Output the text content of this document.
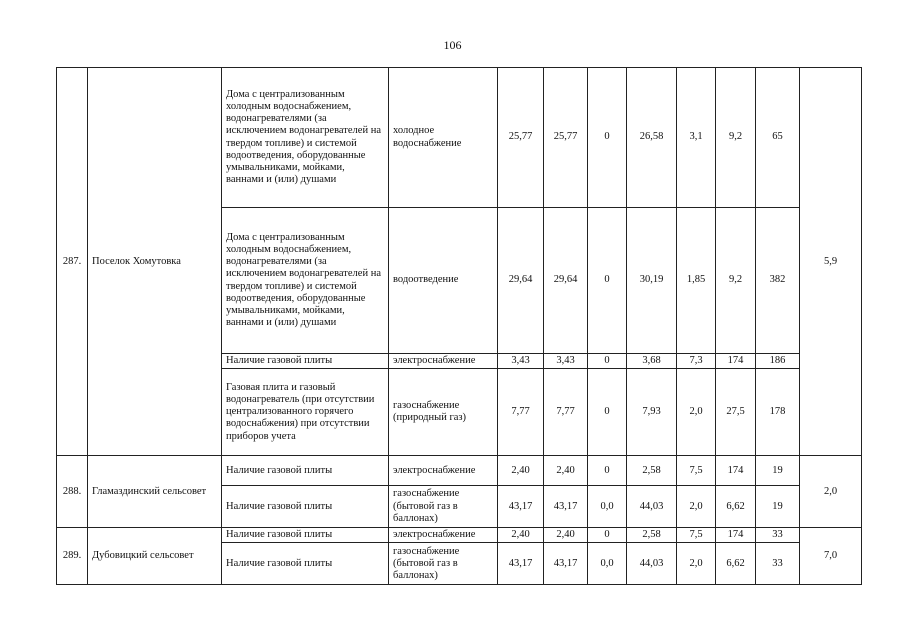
106
287.	Поселок Хомутовка	Дома с централизованным холодным водоснабжением, водонагревателями (за исключением водонагревателей на твердом топливе) и системой водоотведения, оборудованные умывальниками, мойками, ваннами и (или) душами	холодное водоснабжение	25,77	25,77	0	26,58	3,1	9,2	65	5,9
		Дома с централизованным холодным водоснабжением, водонагревателями (за исключением водонагревателей на твердом топливе) и системой водоотведения, оборудованные умывальниками, мойками, ваннами и (или) душами	водоотведение	29,64	29,64	0	30,19	1,85	9,2	382	
		Наличие газовой плиты	электроснабжение	3,43	3,43	0	3,68	7,3	174	186	
		Газовая плита и газовый водонагреватель (при отсутствии централизованного горячего водоснабжения) при отсутствии приборов учета	газоснабжение (природный газ)	7,77	7,77	0	7,93	2,0	27,5	178	
288.	Гламаздинский сельсовет	Наличие газовой плиты	электроснабжение	2,40	2,40	0	2,58	7,5	174	19	2,0
		Наличие газовой плиты	газоснабжение (бытовой газ в баллонах)	43,17	43,17	0,0	44,03	2,0	6,62	19	
289.	Дубовицкий сельсовет	Наличие газовой плиты	электроснабжение	2,40	2,40	0	2,58	7,5	174	33	7,0
		Наличие газовой плиты	газоснабжение (бытовой газ в баллонах)	43,17	43,17	0,0	44,03	2,0	6,62	33	
